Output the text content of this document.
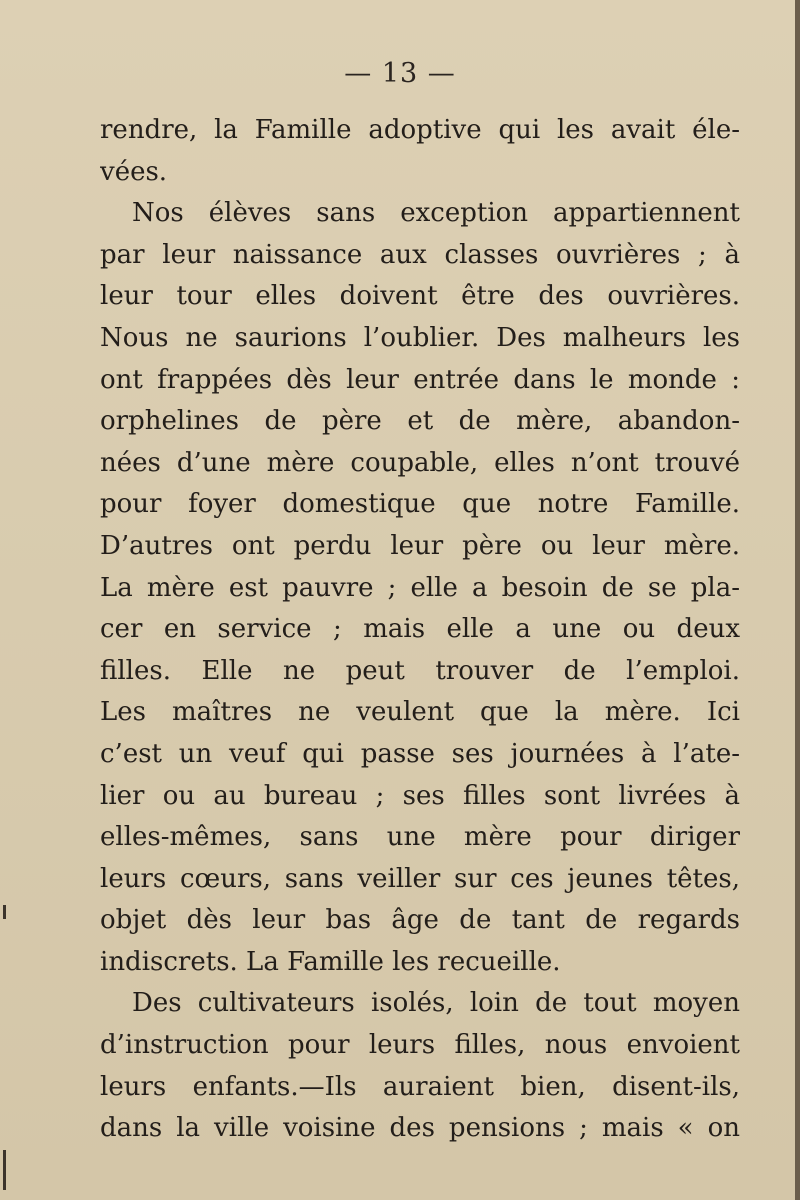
— 13 —
rendre, la Famille adoptive qui les avait éle-
vées.
Nos élèves sans exception appartiennent
par leur naissance aux classes ouvrières ; à
leur tour elles doivent être des ouvrières.
Nous ne saurions l’oublier. Des malheurs les
ont frappées dès leur entrée dans le monde :
orphelines de père et de mère, abandon-
nées d’une mère coupable, elles n’ont trouvé
pour foyer domestique que notre Famille.
D’autres ont perdu leur père ou leur mère.
La mère est pauvre ; elle a besoin de se pla-
cer en service ; mais elle a une ou deux
filles. Elle ne peut trouver de l’emploi.
Les maîtres ne veulent que la mère. Ici
c’est un veuf qui passe ses journées à l’ate-
lier ou au bureau ; ses filles sont livrées à
elles-mêmes, sans une mère pour diriger
leurs cœurs, sans veiller sur ces jeunes têtes,
objet dès leur bas âge de tant de regards
indiscrets. La Famille les recueille.
Des cultivateurs isolés, loin de tout moyen
d’instruction pour leurs filles, nous envoient
leurs enfants.—Ils auraient bien, disent-ils,
dans la ville voisine des pensions ; mais « on
